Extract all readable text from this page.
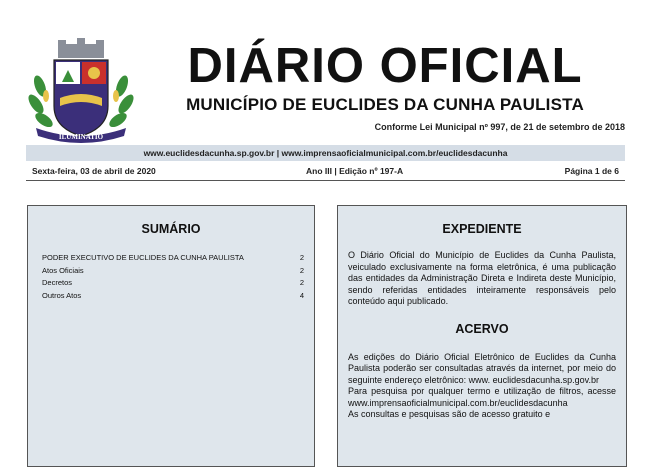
ILUMINATIO
DIÁRIO OFICIAL
MUNICÍPIO DE EUCLIDES DA CUNHA PAULISTA
Conforme Lei Municipal nº 997, de 21 de setembro de 2018
www.euclidesdacunha.sp.gov.br | www.imprensaoficialmunicipal.com.br/euclidesdacunha
Sexta-feira, 03 de abril de 2020	Ano III | Edição nº 197-A	Página 1 de 6
SUMÁRIO
PODER EXECUTIVO DE EUCLIDES DA CUNHA PAULISTA	2
Atos Oficiais	2
Decretos	2
Outros Atos	4
EXPEDIENTE

O Diário Oficial do Município de Euclides da Cunha Paulista, veiculado exclusivamente na forma eletrônica, é uma publicação das entidades da Administração Direta e Indireta deste Município, sendo referidas entidades inteiramente responsáveis pelo conteúdo aqui publicado.

ACERVO

As edições do Diário Oficial Eletrônico de Euclides da Cunha Paulista poderão ser consultadas através da internet, por meio do seguinte endereço eletrônico: www. euclidesdacunha.sp.gov.br
Para pesquisa por qualquer termo e utilização de filtros, acesse www.imprensaoficialmunicipal.com.br/euclidesdacunha
As consultas e pesquisas são de acesso gratuito e
